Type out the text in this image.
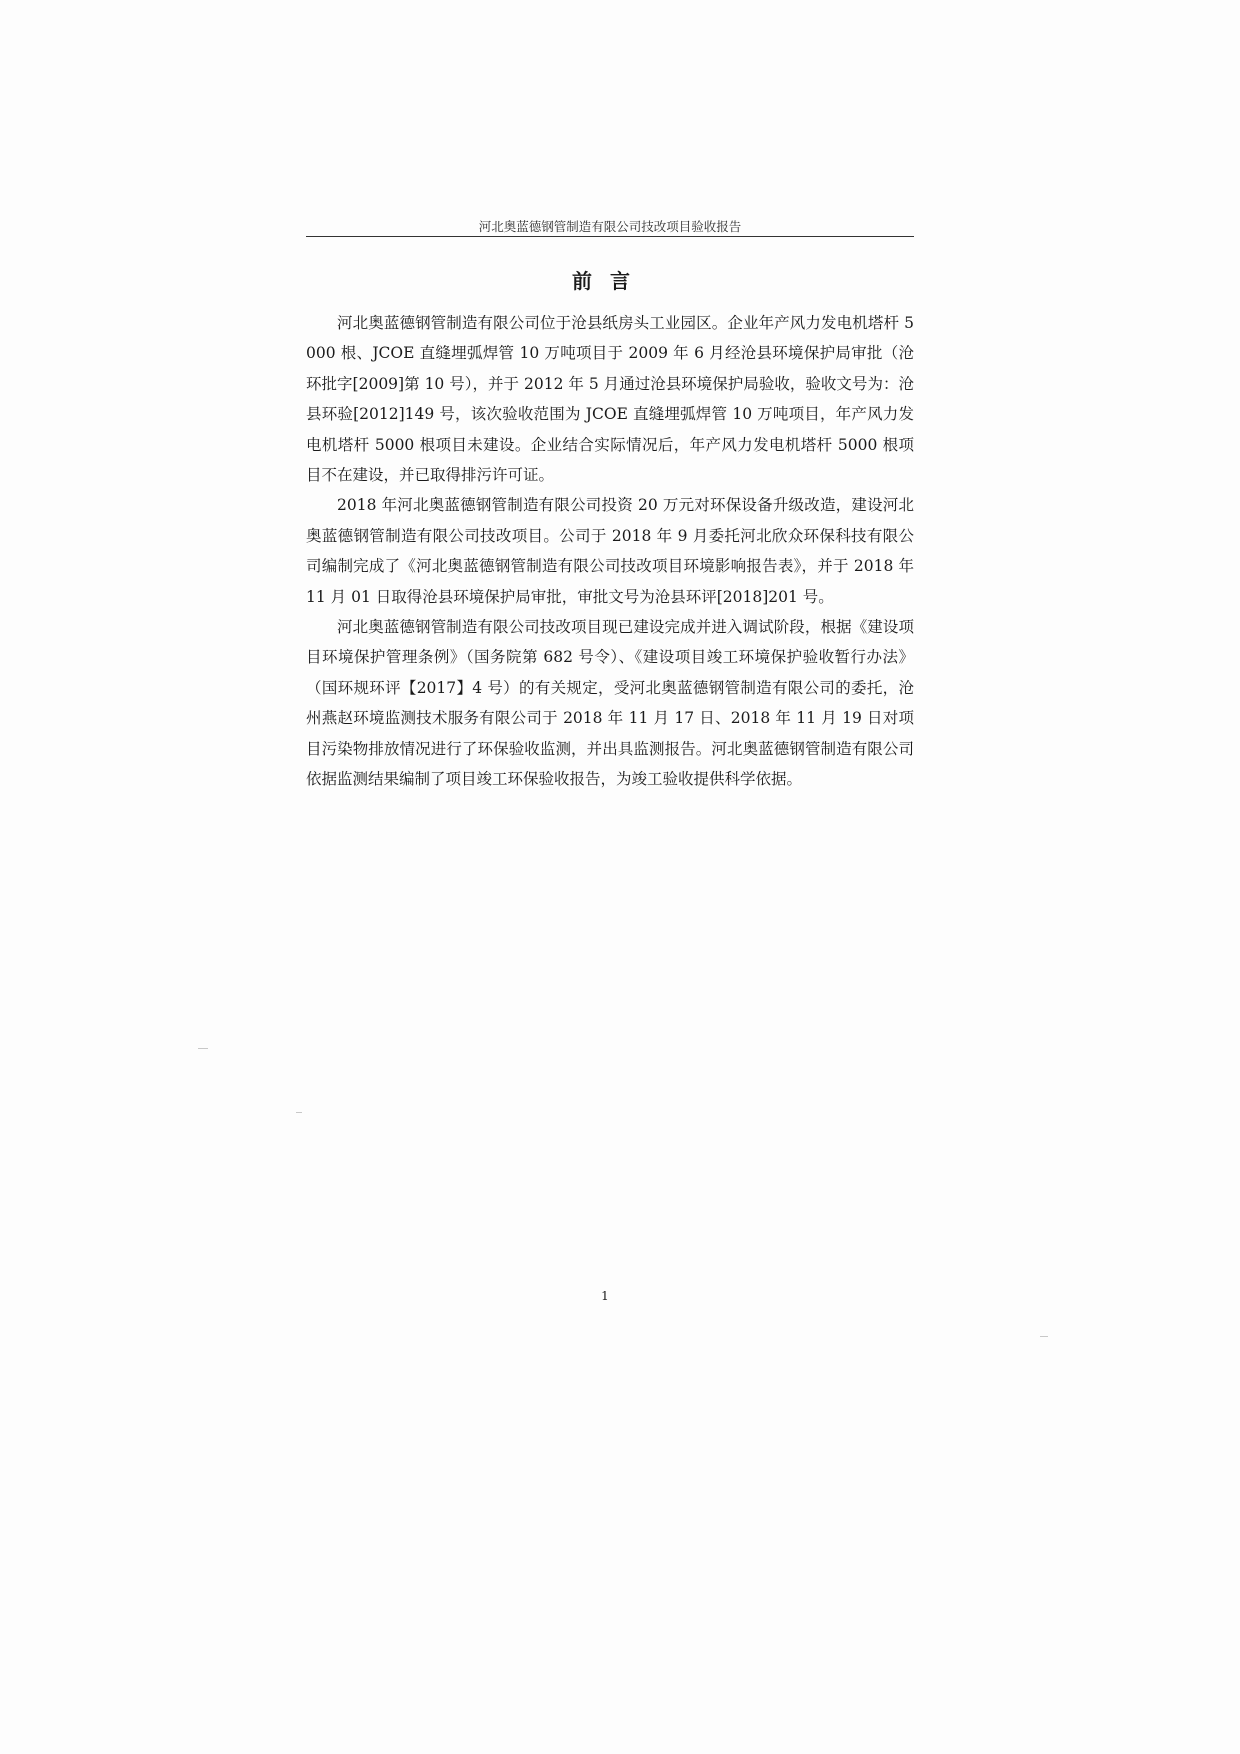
河北奥蓝德钢管制造有限公司技改项目验收报告
前言

河北奥蓝德钢管制造有限公司位于沧县纸房头工业园区。企业年产风力发电机塔杆 5000 根、JCOE 直缝埋弧焊管 10 万吨项目于 2009 年 6 月经沧县环境保护局审批（沧环批字[2009]第 10 号），并于 2012 年 5 月通过沧县环境保护局验收，验收文号为：沧县环验[2012]149 号，该次验收范围为 JCOE 直缝埋弧焊管 10 万吨项目，年产风力发电机塔杆 5000 根项目未建设。企业结合实际情况后，年产风力发电机塔杆 5000 根项目不在建设，并已取得排污许可证。

2018 年河北奥蓝德钢管制造有限公司投资 20 万元对环保设备升级改造，建设河北奥蓝德钢管制造有限公司技改项目。公司于 2018 年 9 月委托河北欣众环保科技有限公司编制完成了《河北奥蓝德钢管制造有限公司技改项目环境影响报告表》，并于 2018 年 11 月 01 日取得沧县环境保护局审批，审批文号为沧县环评[2018]201 号。

河北奥蓝德钢管制造有限公司技改项目现已建设完成并进入调试阶段，根据《建设项目环境保护管理条例》（国务院第 682 号令）、《建设项目竣工环境保护验收暂行办法》（国环规环评【2017】4 号）的有关规定，受河北奥蓝德钢管制造有限公司的委托，沧州燕赵环境监测技术服务有限公司于 2018 年 11 月 17 日、2018 年 11 月 19 日对项目污染物排放情况进行了环保验收监测，并出具监测报告。河北奥蓝德钢管制造有限公司依据监测结果编制了项目竣工环保验收报告，为竣工验收提供科学依据。

1
